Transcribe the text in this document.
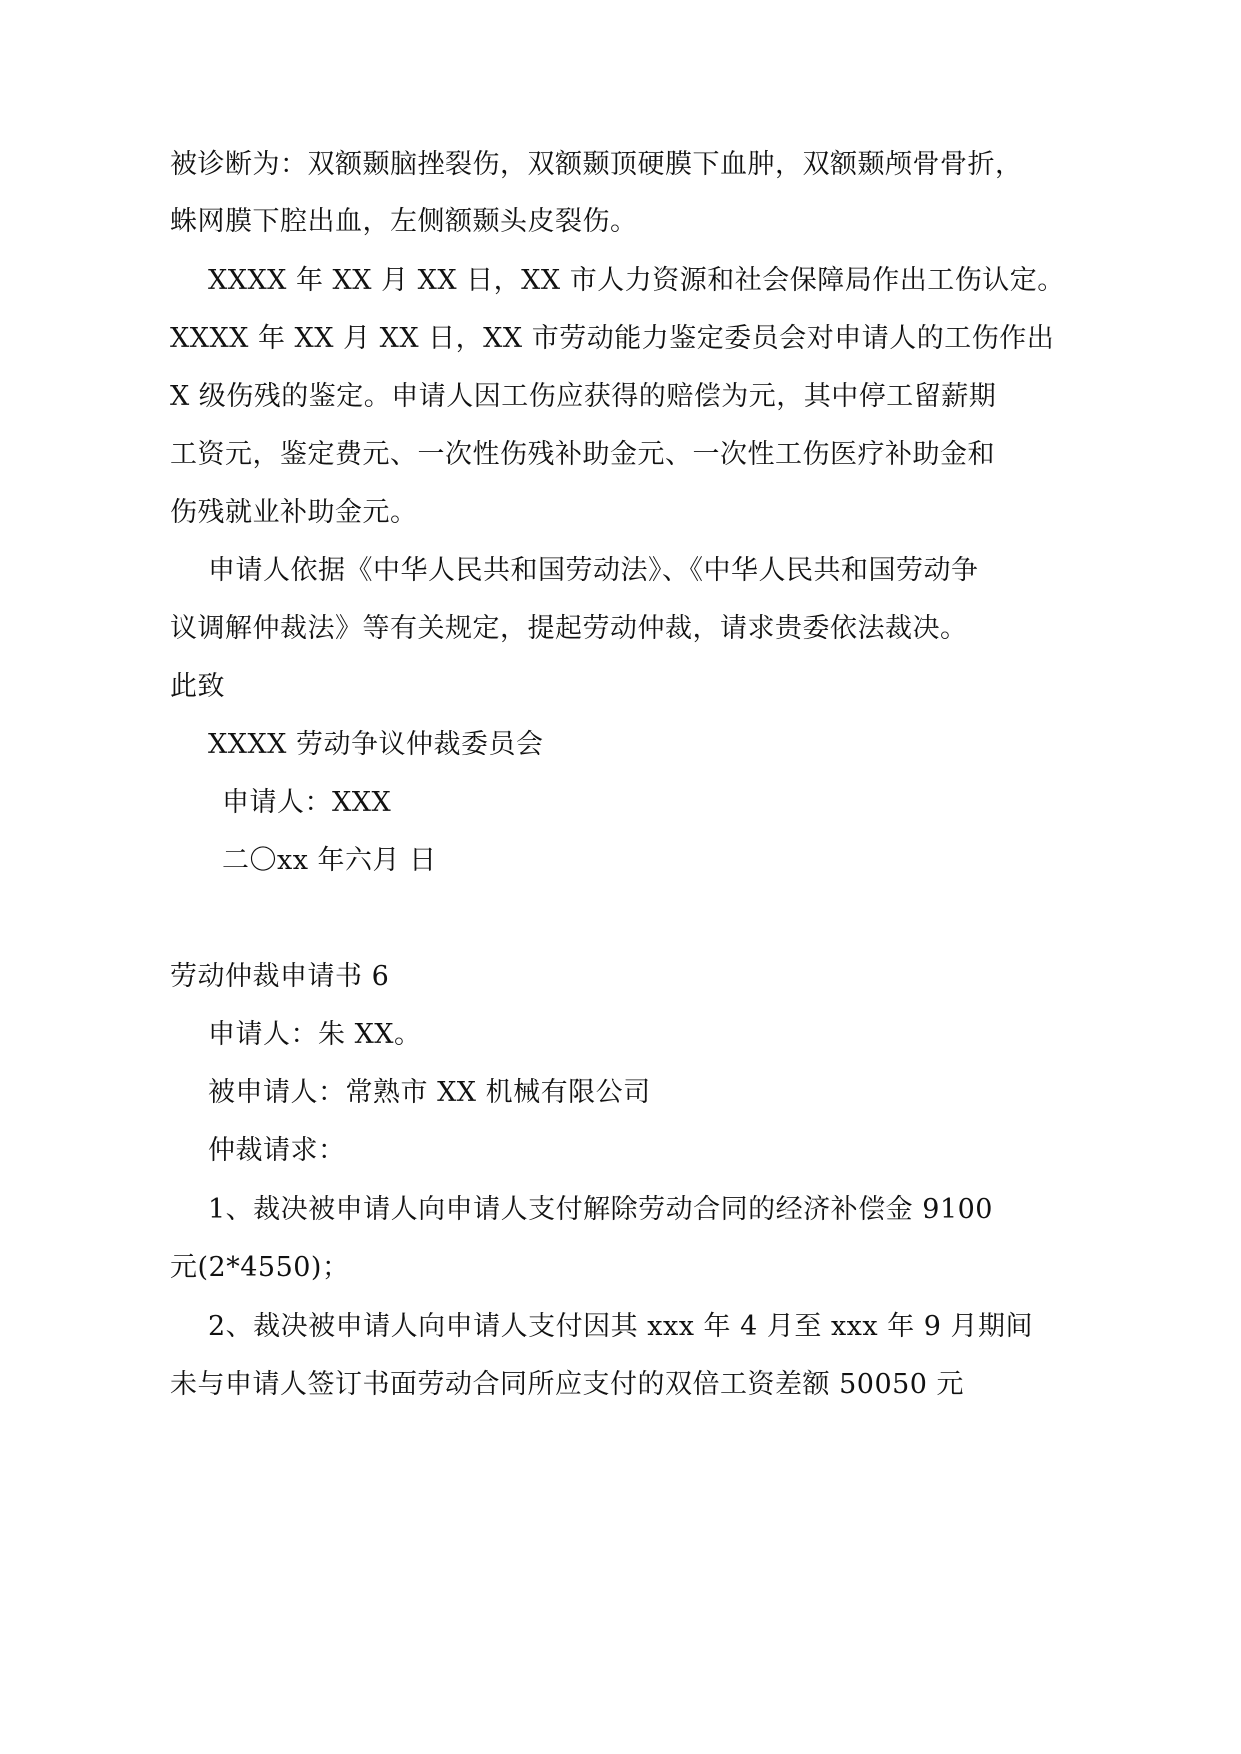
被诊断为：双额颞脑挫裂伤，双额颞顶硬膜下血肿，双额颞颅骨骨折，
蛛网膜下腔出血，左侧额颞头皮裂伤。
XXXX 年 XX 月 XX 日，XX 市人力资源和社会保障局作出工伤认定。
XXXX 年 XX 月 XX 日，XX 市劳动能力鉴定委员会对申请人的工伤作出
X 级伤残的鉴定。申请人因工伤应获得的赔偿为元，其中停工留薪期
工资元，鉴定费元、一次性伤残补助金元、一次性工伤医疗补助金和
伤残就业补助金元。
申请人依据《中华人民共和国劳动法》、《中华人民共和国劳动争
议调解仲裁法》等有关规定，提起劳动仲裁，请求贵委依法裁决。
此致
XXXX 劳动争议仲裁委员会
申请人：XXX
二〇xx 年六月 日
劳动仲裁申请书 6
申请人：朱 XX。
被申请人：常熟市 XX 机械有限公司
仲裁请求：
1、裁决被申请人向申请人支付解除劳动合同的经济补偿金 9100
元(2*4550)；
2、裁决被申请人向申请人支付因其 xxx 年 4 月至 xxx 年 9 月期间
未与申请人签订书面劳动合同所应支付的双倍工资差额 50050 元
